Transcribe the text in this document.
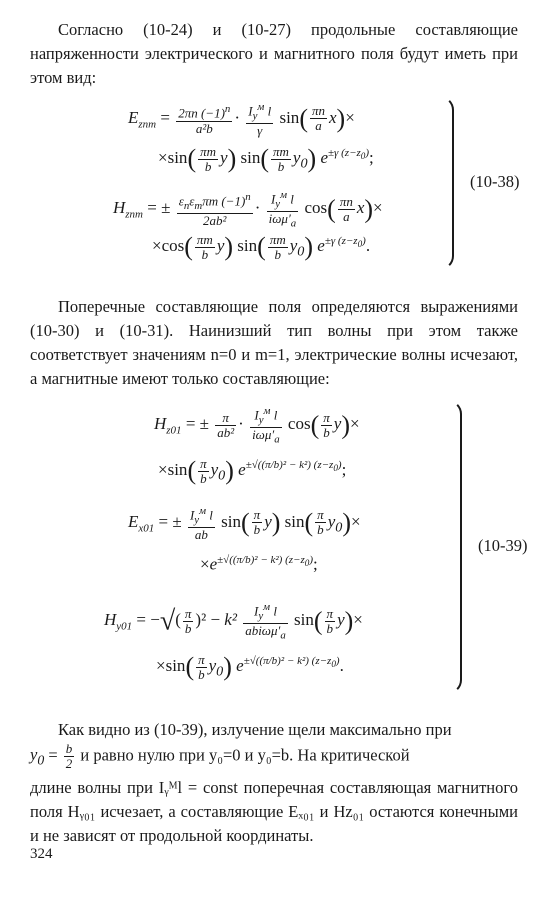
Согласно (10-24) и (10-27) продольные составляющие напряженности электрического и магнитного поля будут иметь при этом вид:
$E_{znm} = \frac{2\pi n (-1)^n}{\text{a²b}} \cdot \frac{I_y^м l}{\gamma} \sin( \frac{\pi n}{a} x)\times$
$\times\sin( \frac{\pi m}{b} y)$ $\sin( \frac{\pi m}{b} y_0)$ $e^{\pm\gamma (z-z_0)}$;
$H_{znm}$ = ± $\frac{\varepsilon_n\varepsilon_m\pi m (-1)^n}{\text{2ab²}} \cdot \frac{I_y^м l}{i\omega\mu'_a} \cos( \frac{\pi n}{a} x)\times$
$\times\cos( \frac{\pi m}{b} y)$ $\sin( \frac{\pi m}{b} y_0)$ $e^{\pm\gamma (z-z_0)}$.
(10-38)
Поперечные составляющие поля определяются выражениями (10-30) и (10-31). Наинизший тип волны при этом также соответствует значениям n=0 и m=1, электрические волны исчезают, а магнитные имеют только составляющие:
$H_{z01}$ = ± $\frac{\pi}{\text{ab²}} \cdot \frac{I_y^м l}{i\omega\mu'_a} \cos( \frac{\pi}{b} y)\times$
$\times\sin( \frac{\pi}{b} y_0)$ $e^{\pm√((\pi/b)^2 - k^2) (z-z_0)}$;
$E_{x01}$ = ± $\frac{I_y^м l}{ab} \sin( \frac{\pi}{b} y)$ $\sin( \frac{\pi}{b} y_0)\times$
$\times e^{\pm√((\pi/b)^2 - k^2) (z-z_0)}$;
$H_{y01}$ = −√( $\frac{\pi}{b} )^2 - k^2 \frac{I_y^м l}{abi\omega\mu'_a} \sin( \frac{\pi}{b} y)\times$
$\times\sin( \frac{\pi}{b} y_0)$ $e^{\pm√((\pi/b)^2 - k^2) (z-z_0)}$.
(10-39)
Как видно из (10-39), излучение щели максимально при
$y_0 = \frac{b}{2}$ и равно нулю при y₀=0 и y₀=b. На критической
длине волны при Iᵧᴹl = const поперечная составляющая магнитного поля Hᵧ₀₁ исчезает, а составляющие Eₓ₀₁ и Hz₀₁ остаются конечными и не зависят от продольной координаты.
324
